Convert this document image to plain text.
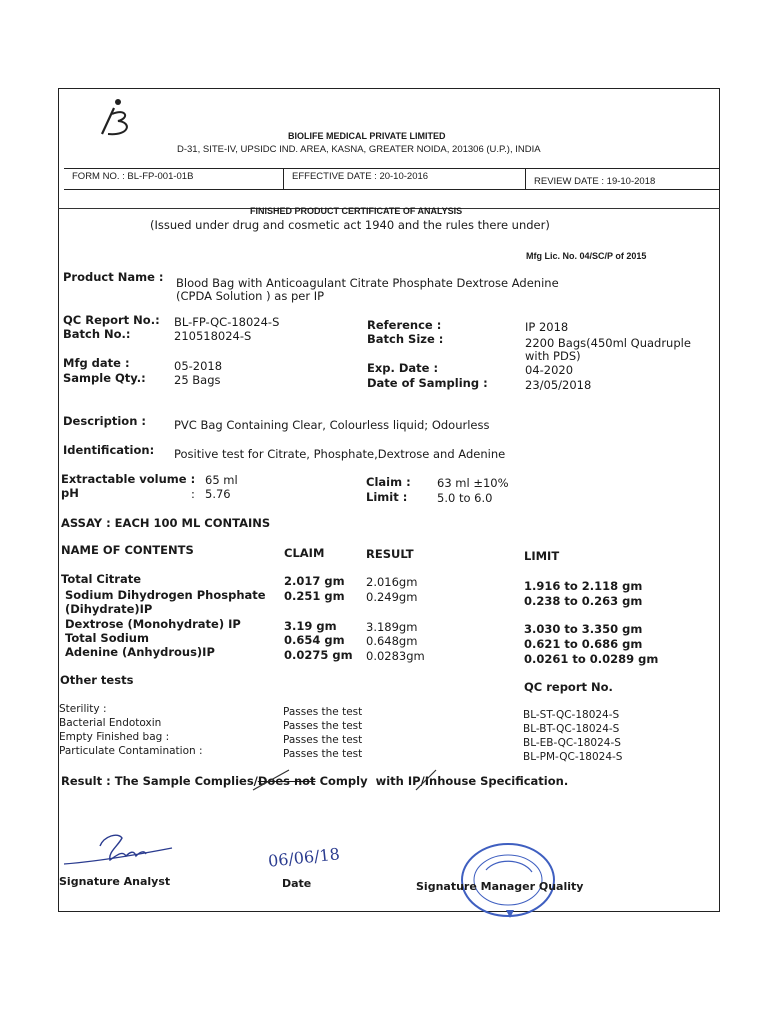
BIOLIFE MEDICAL PRIVATE LIMITED
D-31, SITE-IV, UPSIDC IND. AREA, KASNA, GREATER NOIDA, 201306 (U.P.), INDIA
FORM NO. : BL-FP-001-01B	EFFECTIVE DATE : 20-10-2016	REVIEW DATE : 19-10-2018
FINISHED PRODUCT CERTIFICATE OF ANALYSIS
(Issued under drug and cosmetic act 1940 and the rules there under)
Mfg Lic. No. 04/SC/P of 2015
Product Name : Blood Bag with Anticoagulant Citrate Phosphate Dextrose Adenine
(CPDA Solution ) as per IP
QC Report No.: BL-FP-QC-18024-S
Batch No.:	210518024-S
Reference :	IP 2018
Batch Size :	2200 Bags(450ml Quadruple
with PDS)
Mfg date :	05-2018
Sample Qty.: 25 Bags
Exp. Date :	04-2020
Date of Sampling :	23/05/2018
Description : PVC Bag Containing Clear, Colourless liquid; Odourless
Identification: Positive test for Citrate, Phosphate,Dextrose and Adenine
Extractable volume : 65 ml
pH	: 5.76
Claim : 63 ml ±10%
Limit :	5.0 to 6.0
ASSAY : EACH 100 ML CONTAINS
NAME OF CONTENTS	CLAIM	RESULT	LIMIT
Total Citrate	2.017 gm 2.016gm	1.916 to 2.118 gm
Sodium Dihydrogen Phosphate 0.251 gm 0.249gm	0.238 to 0.263 gm
(Dihydrate)IP
Dextrose (Monohydrate) IP	3.19 gm	3.189gm	3.030 to 3.350 gm
Total Sodium	0.654 gm 0.648gm	0.621 to 0.686 gm
Adenine (Anhydrous)IP	0.0275 gm 0.0283gm	0.0261 to 0.0289 gm
Other tests	QC report No.
Sterility :	Passes the test	BL-ST-QC-18024-S
Bacterial Endotoxin	Passes the test	BL-BT-QC-18024-S
Empty Finished bag :	Passes the test	BL-EB-QC-18024-S
Particulate Contamination :	Passes the test	BL-PM-QC-18024-S
Result : The Sample Complies/Does not Comply  with IP/Inhouse Specification.
Signature Analyst
06/06/18
Date	Signature Manager Quality
